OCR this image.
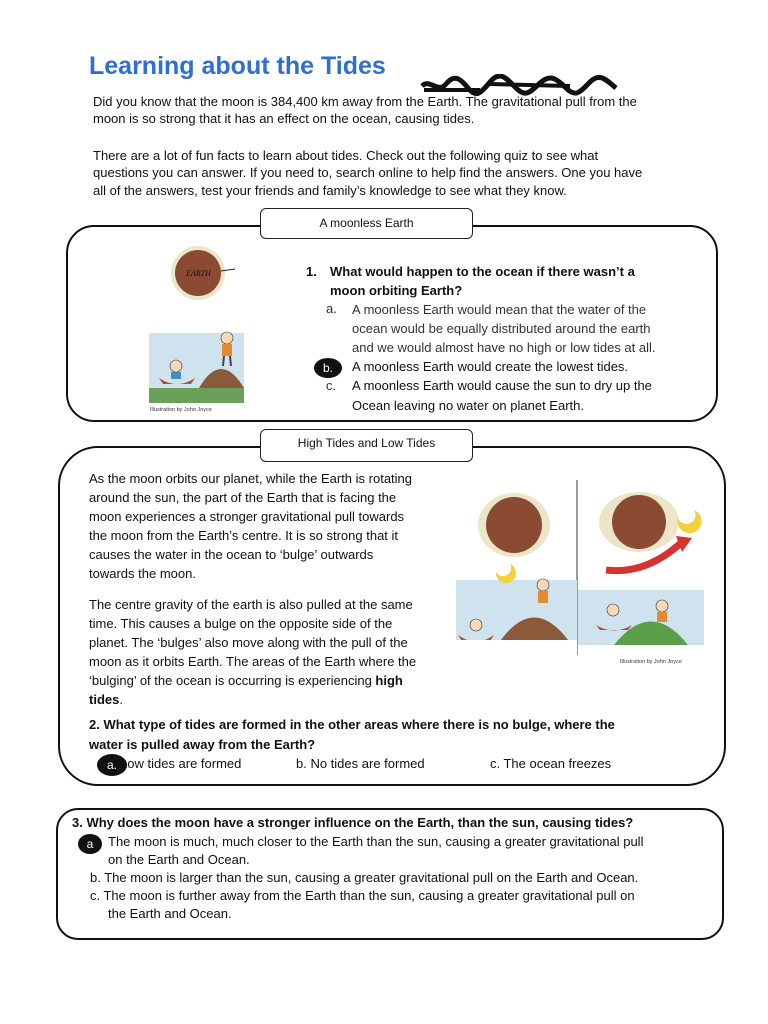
Learning about the Tides

Did you know that the moon is 384,400 km away from the Earth. The gravitational pull from the

moon is so strong that it has an effect on the ocean, causing tides.

There are a lot of fun facts to learn about tides. Check out the following quiz to see what

questions you can answer. If you need to, search online to help find the answers. One you have

all of the answers, test your friends and family’s knowledge to see what they know.

A moonless Earth
EARTH
Illustration by John Joyce
1. What would happen to the ocean if there wasn’t a
moon orbiting Earth?
a. A moonless Earth would mean that the water of the
ocean would be equally distributed around the earth
and we would almost have no high or low tides at all.
b.	A moonless Earth would create the lowest tides.
c. A moonless Earth would cause the sun to dry up the
Ocean leaving no water on planet Earth.
High Tides and Low Tides
As the moon orbits our planet, while the Earth is rotating
around the sun, the part of the Earth that is facing the
moon experiences a stronger gravitational pull towards
the moon from the Earth’s centre. It is so strong that it
causes the water in the ocean to ‘bulge’ outwards
towards the moon.
The centre gravity of the earth is also pulled at the same
time. This causes a bulge on the opposite side of the
planet. The ‘bulges’ also move along with the pull of the
moon as it orbits Earth. The areas of the Earth where the
‘bulging’ of the ocean is occurring is experiencing high
tides.
Illustration by John Joyce
2. What type of tides are formed in the other areas where there is no bulge, where the
water is pulled away from the Earth?
a. Low tides are formed	b. No tides are formed	c. The ocean freezes
3. Why does the moon have a stronger influence on the Earth, than the sun, causing tides?
a	The moon is much, much closer to the Earth than the sun, causing a greater gravitational pull
on the Earth and Ocean.
b. The moon is larger than the sun, causing a greater gravitational pull on the Earth and Ocean.
c. The moon is further away from the Earth than the sun, causing a greater gravitational pull on
the Earth and Ocean.
